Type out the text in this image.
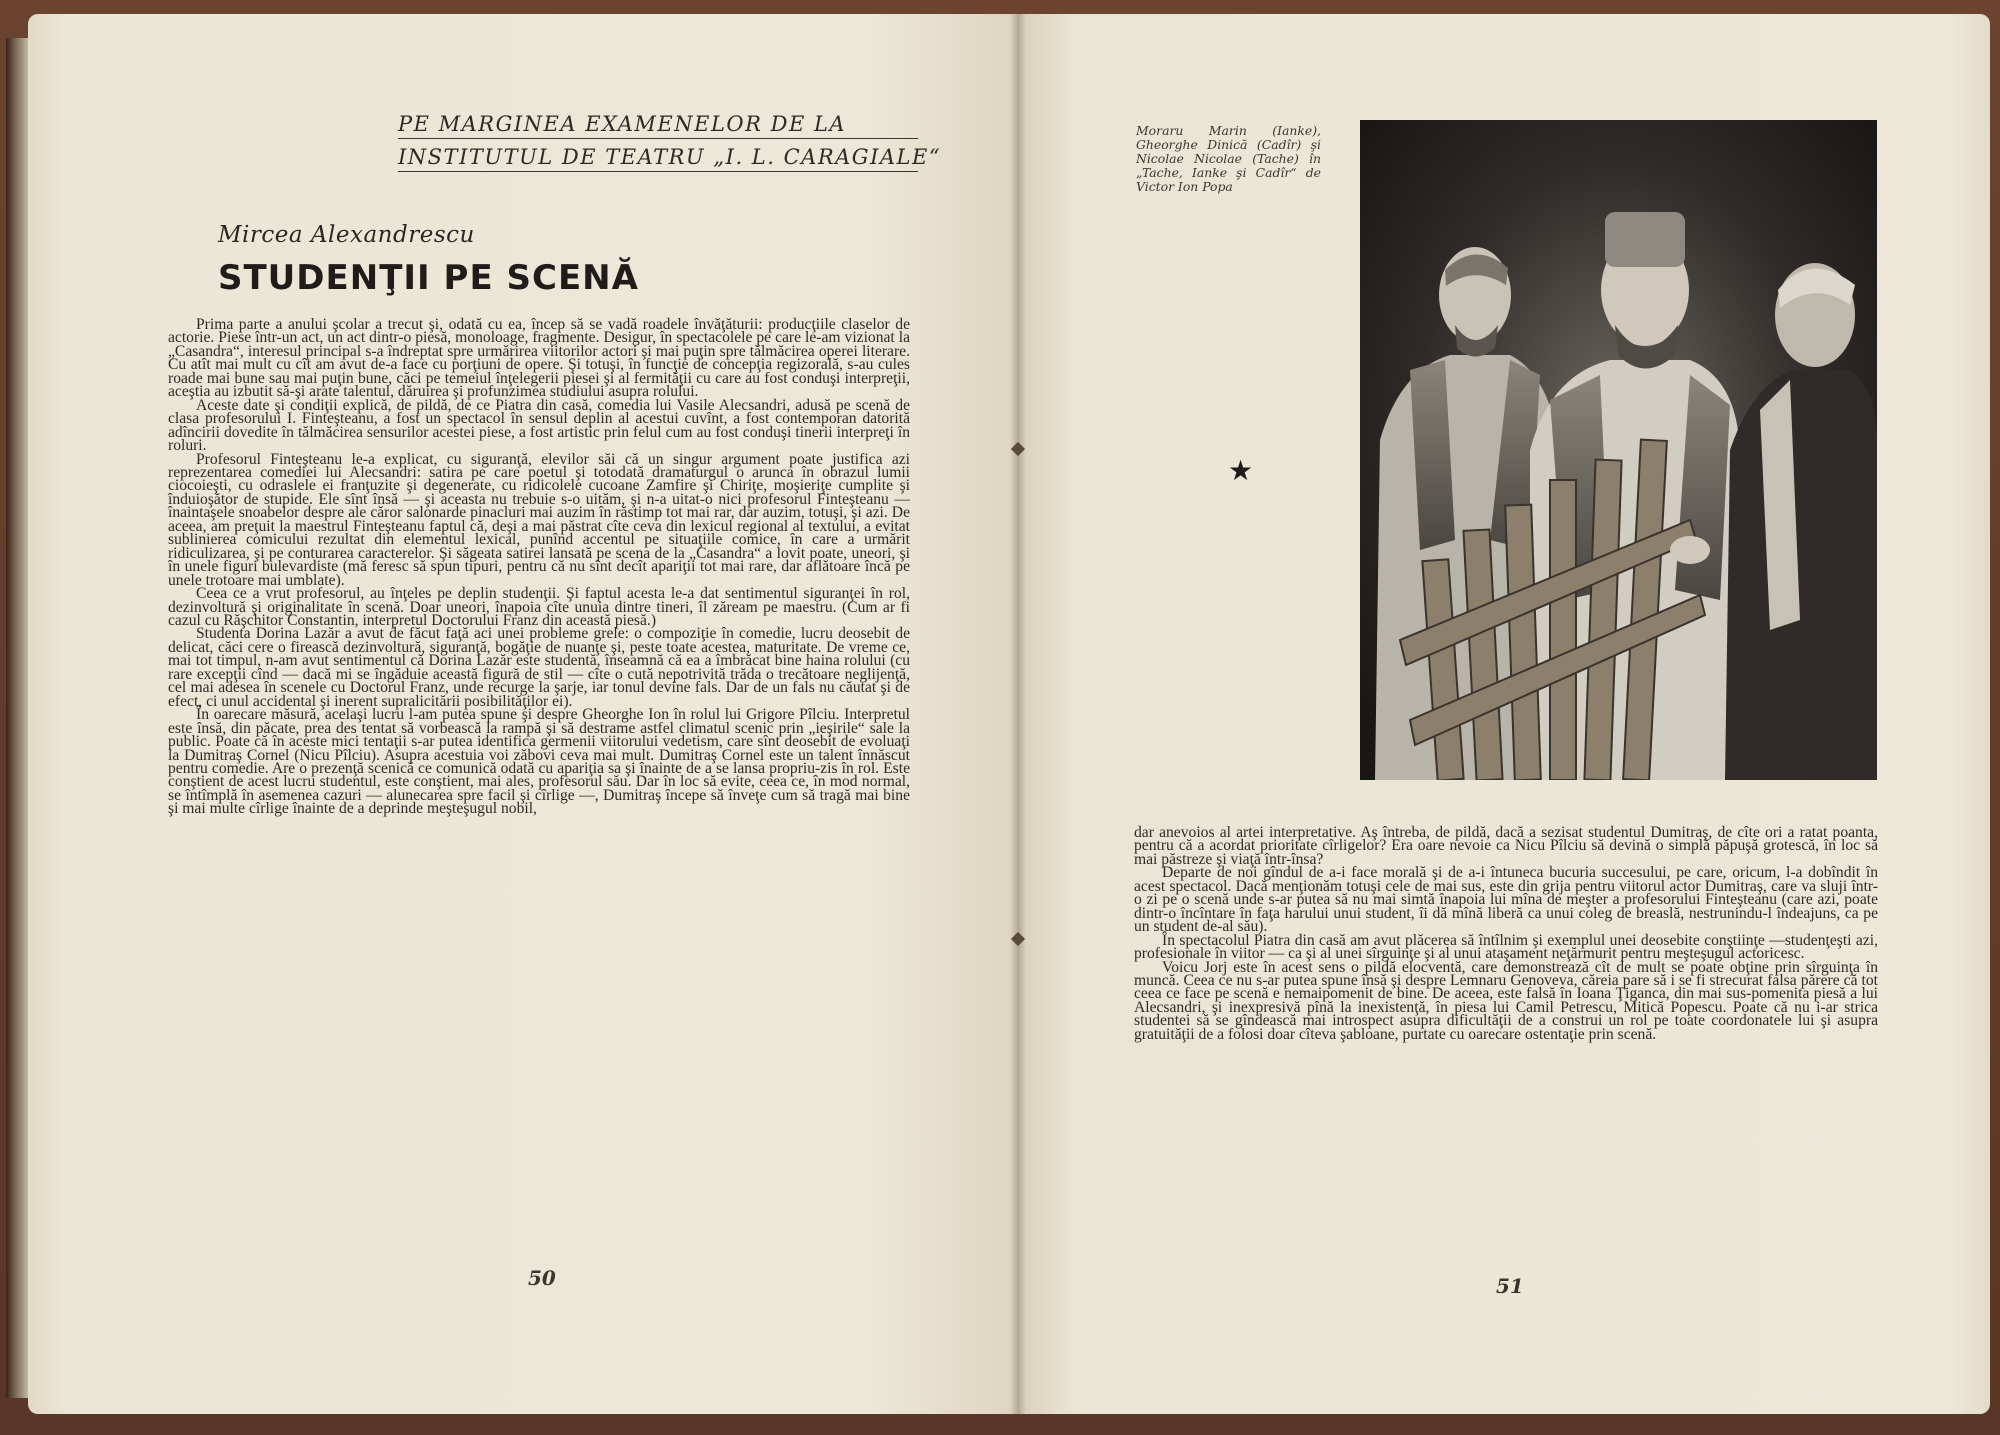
PE MARGINEA EXAMENELOR DE LA
INSTITUTUL DE TEATRU „I. L. CARAGIALE“
Mircea Alexandrescu
STUDENŢII PE SCENĂ

Prima parte a anului şcolar a trecut şi, odată cu ea, încep să se vadă roadele învăţăturii: producţiile claselor de actorie. Piese într-un act, un act dintr-o piesă, monoloage, fragmente. Desigur, în spectacolele pe care le-am vizionat la „Casandra“, interesul principal s-a îndreptat spre urmărirea viitorilor actori şi mai puţin spre tălmăcirea operei literare. Cu atît mai mult cu cît am avut de-a face cu porţiuni de opere. Şi totuşi, în funcţie de concepţia regizorală, s-au cules roade mai bune sau mai puţin bune, căci pe temeiul înţelegerii piesei şi al fermităţii cu care au fost conduşi interpreţii, aceştia au izbutit să-şi arate talentul, dăruirea şi profunzimea studiului asupra rolului.

Aceste date şi condiţii explică, de pildă, de ce Piatra din casă, comedia lui Vasile Alecsandri, adusă pe scenă de clasa profesorului I. Finteşteanu, a fost un spectacol în sensul deplin al acestui cuvînt, a fost contemporan datorită adîncirii dovedite în tălmăcirea sensurilor acestei piese, a fost artistic prin felul cum au fost conduşi tinerii interpreţi în roluri.

Profesorul Finteşteanu le-a explicat, cu siguranţă, elevilor săi că un singur argument poate justifica azi reprezentarea comediei lui Alecsandri: satira pe care poetul şi totodată dramaturgul o arunca în obrazul lumii ciocoieşti, cu odraslele ei franţuzite şi degenerate, cu ridicolele cucoane Zamfire şi Chiriţe, moşieriţe cumplite şi înduioşător de stupide. Ele sînt însă — şi aceasta nu trebuie s-o uităm, şi n-a uitat-o nici profesorul Finteşteanu — înaintaşele snoabelor despre ale căror salonarde pinacluri mai auzim în răstimp tot mai rar, dar auzim, totuşi, şi azi. De aceea, am preţuit la maestrul Finteşteanu faptul că, deşi a mai păstrat cîte ceva din lexicul regional al textului, a evitat sublinierea comicului rezultat din elementul lexical, punînd accentul pe situaţiile comice, în care a urmărit ridiculizarea, şi pe conturarea caracterelor. Şi săgeata satirei lansată pe scena de la „Casandra“ a lovit poate, uneori, şi în unele figuri bulevardiste (mă feresc să spun tipuri, pentru că nu sînt decît apariţii tot mai rare, dar aflătoare încă pe unele trotoare mai umblate).

Ceea ce a vrut profesorul, au înţeles pe deplin studenţii. Şi faptul acesta le-a dat sentimentul siguranţei în rol, dezinvoltură şi originalitate în scenă. Doar uneori, înapoia cîte unuia dintre tineri, îl zăream pe maestru. (Cum ar fi cazul cu Răşchitor Constantin, interpretul Doctorului Franz din această piesă.)

Studenta Dorina Lazăr a avut de făcut faţă aci unei probleme grele: o compoziţie în comedie, lucru deosebit de delicat, căci cere o firească dezinvoltură, siguranţă, bogăţie de nuanţe şi, peste toate acestea, maturitate. De vreme ce, mai tot timpul, n-am avut sentimentul că Dorina Lazăr este studentă, înseamnă că ea a îmbrăcat bine haina rolului (cu rare excepţii cînd — dacă mi se îngăduie această figură de stil — cîte o cută nepotrivită trăda o trecătoare neglijenţă, cel mai adesea în scenele cu Doctorul Franz, unde recurge la şarje, iar tonul devine fals. Dar de un fals nu căutat şi de efect, ci unul accidental şi inerent supralicitării posibilităţilor ei).

În oarecare măsură, acelaşi lucru l-am putea spune şi despre Gheorghe Ion în rolul lui Grigore Pîlciu. Interpretul este însă, din păcate, prea des tentat să vorbească la rampă şi să destrame astfel climatul scenic prin „ieşirile“ sale la public. Poate că în aceste mici tentaţii s-ar putea identifica germenii viitorului vedetism, care sînt deosebit de evoluaţi la Dumitraş Cornel (Nicu Pîlciu). Asupra acestuia voi zăbovi ceva mai mult. Dumitraş Cornel este un talent înnăscut pentru comedie. Are o prezenţă scenică ce comunică odată cu apariţia sa şi înainte de a se lansa propriu-zis în rol. Este conştient de acest lucru studentul, este conştient, mai ales, profesorul său. Dar în loc să evite, ceea ce, în mod normal, se întîmplă în asemenea cazuri — alunecarea spre facil şi cîrlige —, Dumitraş începe să înveţe cum să tragă mai bine şi mai multe cîrlige înainte de a deprinde meşteşugul nobil,

50
Moraru Marin (Ianke), Gheorghe Dinică (Cadîr) şi Nicolae Nicolae (Tache) în „Tache, Ianke şi Cadîr“ de Victor Ion Popa
★

dar anevoios al artei interpretative. Aş întreba, de pildă, dacă a sezisat studentul Dumitraş, de cîte ori a ratat poanta, pentru că a acordat prioritate cîrligelor? Era oare nevoie ca Nicu Pîlciu să devină o simplă păpuşă grotescă, în loc să mai păstreze şi viaţă într-însa?

Departe de noi gîndul de a-i face morală şi de a-i întuneca bucuria succesului, pe care, oricum, l-a dobîndit în acest spectacol. Dacă menţionăm totuşi cele de mai sus, este din grija pentru viitorul actor Dumitraş, care va sluji într-o zi pe o scenă unde s-ar putea să nu mai simtă înapoia lui mîna de meşter a profesorului Finteşteanu (care azi, poate dintr-o încîntare în faţa harului unui student, îi dă mînă liberă ca unui coleg de breaslă, nestrunindu-l îndeajuns, ca pe un student de-al său).

În spectacolul Piatra din casă am avut plăcerea să întîlnim şi exemplul unei deosebite conştiinţe —studenţeşti azi, profesionale în viitor — ca şi al unei sîrguinţe şi al unui ataşament neţărmurit pentru meşteşugul actoricesc.

Voicu Jorj este în acest sens o pildă elocventă, care demonstrează cît de mult se poate obţine prin sîrguinţa în muncă. Ceea ce nu s-ar putea spune însă şi despre Lemnaru Genoveva, căreia pare să i se fi strecurat falsa părere că tot ceea ce face pe scenă e nemaipomenit de bine. De aceea, este falsă în Ioana Ţiganca, din mai sus-pomenita piesă a lui Alecsandri, şi inexpresivă pînă la inexistenţă, în piesa lui Camil Petrescu, Mitică Popescu. Poate că nu i-ar strica studentei să se gîndească mai introspect asupra dificultăţii de a construi un rol pe toate coordonatele lui şi asupra gratuităţii de a folosi doar cîteva şabloane, purtate cu oarecare ostentaţie prin scenă.

51
